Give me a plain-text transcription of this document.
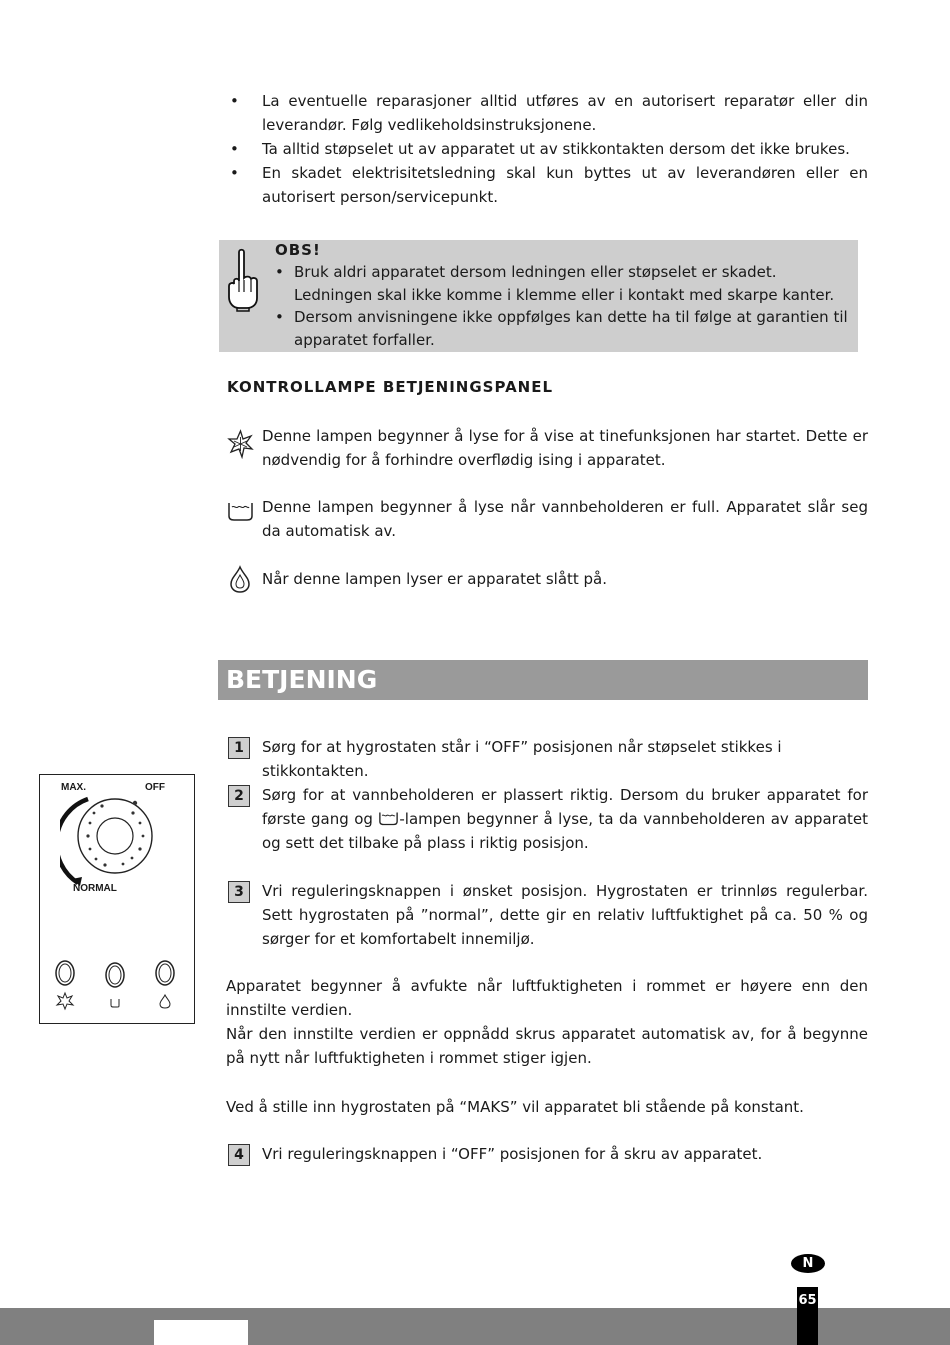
• La eventuelle reparasjoner alltid utføres av en autorisert reparatør eller din leverandør. Følg vedlikeholdsinstruksjonene.
• Ta alltid støpselet ut av apparatet ut av stikkontakten dersom det ikke brukes.
• En skadet elektrisitetsledning skal kun byttes ut av leverandøren eller en autorisert person/servicepunkt.
OBS!
• Bruk aldri apparatet dersom ledningen eller støpselet er skadet. Ledningen skal ikke komme i klemme eller i kontakt med skarpe kanter.
• Dersom anvisningene ikke oppfølges kan dette ha til følge at garantien til apparatet forfaller.
KONTROLLAMPE BETJENINGSPANEL
Denne lampen begynner å lyse for å vise at tinefunksjonen har startet. Dette er nødvendig for å forhindre overflødig ising i apparatet.
Denne lampen begynner å lyse når vannbeholderen er full. Apparatet slår seg da automatisk av.
Når denne lampen lyser er apparatet slått på.
BETJENING
1	Sørg for at hygrostaten står i “OFF” posisjonen når støpselet stikkes i stikkontakten.
2	Sørg for at vannbeholderen er plassert riktig. Dersom du bruker apparatet for første gang og -lampen begynner å lyse, ta da vannbeholderen av apparatet og sett det tilbake på plass i riktig posisjon.
3	Vri reguleringsknappen i ønsket posisjon. Hygrostaten er trinnløs regulerbar. Sett hygrostaten på ”normal”, dette gir en relativ luftfuktighet på ca. 50 % og sørger for et komfortabelt innemiljø.
Apparatet begynner å avfukte når luftfuktigheten i rommet er høyere enn den innstilte verdien.
Når den innstilte verdien er oppnådd skrus apparatet automatisk av, for å begynne på nytt når luftfuktigheten i rommet stiger igjen.
Ved å stille inn hygrostaten på “MAKS” vil apparatet bli stående på konstant.
4	Vri reguleringsknappen i “OFF” posisjonen for å skru av apparatet.
MAX.	OFF
NORMAL
N
65
